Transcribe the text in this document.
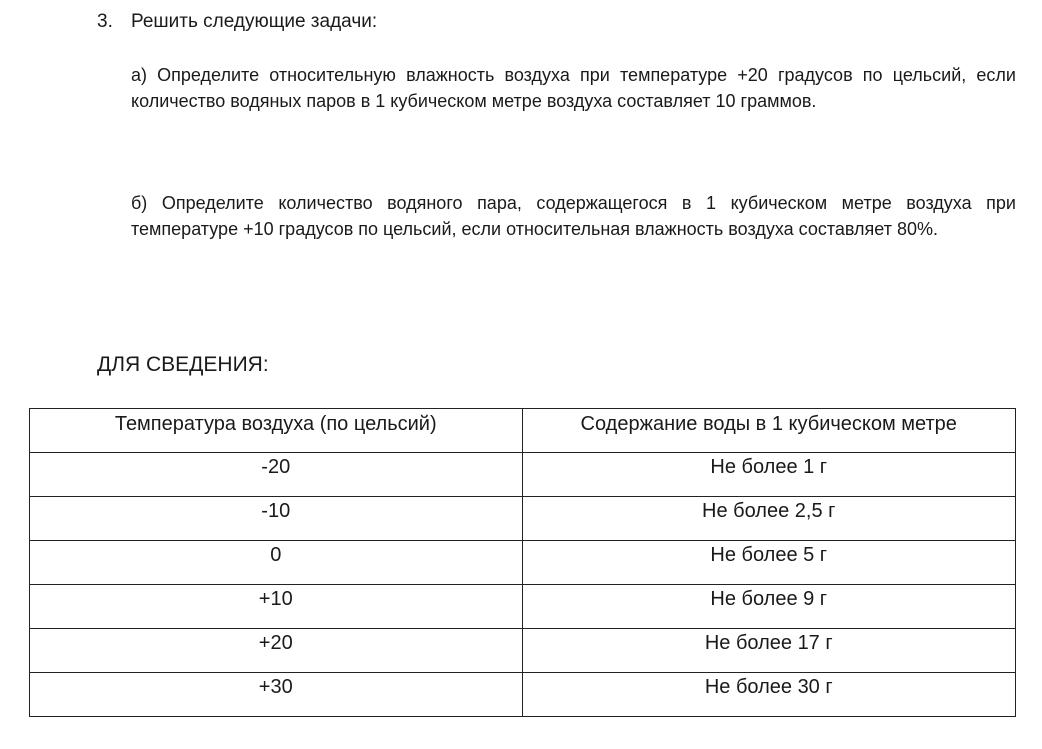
3. Решить следующие задачи:

а) Определите относительную влажность воздуха при температуре +20 градусов по цельсий, если количество водяных паров в 1 кубическом метре воздуха составляет 10 граммов.

б) Определите количество водяного пара, содержащегося в 1 кубическом метре воздуха при температуре +10 градусов по цельсий, если относительная влажность воздуха составляет 80%.

ДЛЯ СВЕДЕНИЯ:
Температура воздуха (по цельсий)	Содержание воды в 1 кубическом метре
-20	Не более 1 г
-10	Не более 2,5 г
0	Не более 5 г
+10	Не более 9 г
+20	Не более 17 г
+30	Не более 30 г
